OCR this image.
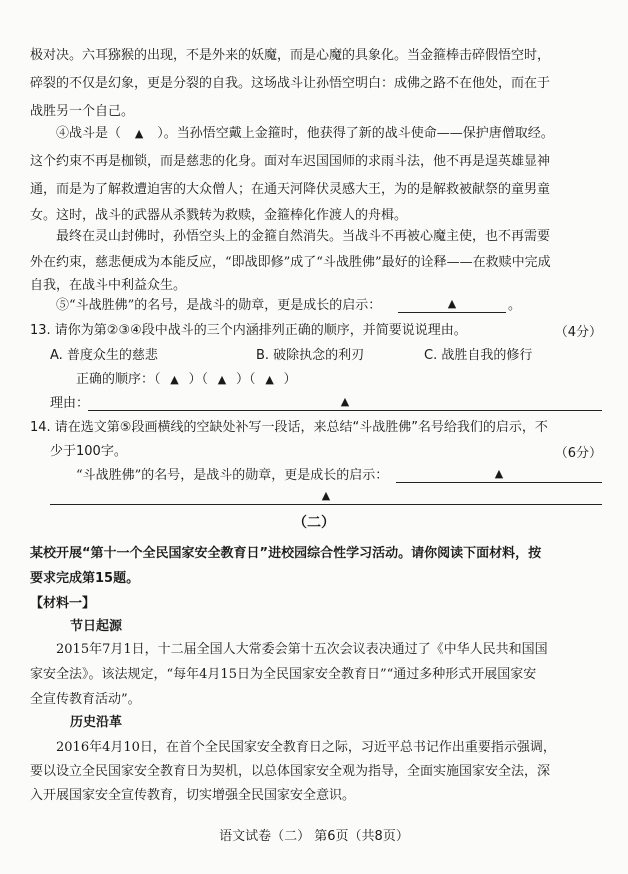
极对决。六耳猕猴的出现，不是外来的妖魔，而是心魔的具象化。当金箍棒击碎假悟空时，
碎裂的不仅是幻象，更是分裂的自我。这场战斗让孙悟空明白：成佛之路不在他处，而在于
战胜另一个自己。
④战斗是（ ▲ ）。当孙悟空戴上金箍时，他获得了新的战斗使命——保护唐僧取经。
这个约束不再是枷锁，而是慈悲的化身。面对车迟国国师的求雨斗法，他不再是逞英雄显神
通，而是为了解救遭迫害的大众僧人；在通天河降伏灵感大王，为的是解救被献祭的童男童
女。这时，战斗的武器从杀戮转为救赎，金箍棒化作渡人的舟楫。
最终在灵山封佛时，孙悟空头上的金箍自然消失。当战斗不再被心魔主使，也不再需要
外在约束，慈悲便成为本能反应，“即战即修”成了“斗战胜佛”最好的诠释——在救赎中完成
自我，在战斗中利益众生。
⑤“斗战胜佛”的名号，是战斗的勋章，更是成长的启示：	▲	。
13. 请你为第②③④段中战斗的三个内涵排列正确的顺序，并简要说说理由。	（4分）
A. 普度众生的慈悲	B. 破除执念的利刃	C. 战胜自我的修行
正确的顺序：（ ▲ ）（ ▲ ）（ ▲ ）
理由：	▲
14. 请在选文第⑤段画横线的空缺处补写一段话，来总结“斗战胜佛”名号给我们的启示，不
少于100字。	（6分）
“斗战胜佛”的名号，是战斗的勋章，更是成长的启示：	▲
▲
（二）
某校开展“第十一个全民国家安全教育日”进校园综合性学习活动。请你阅读下面材料，按
要求完成第15题。
【材料一】
节日起源
2015年7月1日，十二届全国人大常委会第十五次会议表决通过了《中华人民共和国国
家安全法》。该法规定，“每年4月15日为全民国家安全教育日”“通过多种形式开展国家安
全宣传教育活动”。
历史沿革
2016年4月10日，在首个全民国家安全教育日之际，习近平总书记作出重要指示强调，
要以设立全民国家安全教育日为契机，以总体国家安全观为指导，全面实施国家安全法，深
入开展国家安全宣传教育，切实增强全民国家安全意识。
语文试卷（二） 第6页（共8页）
